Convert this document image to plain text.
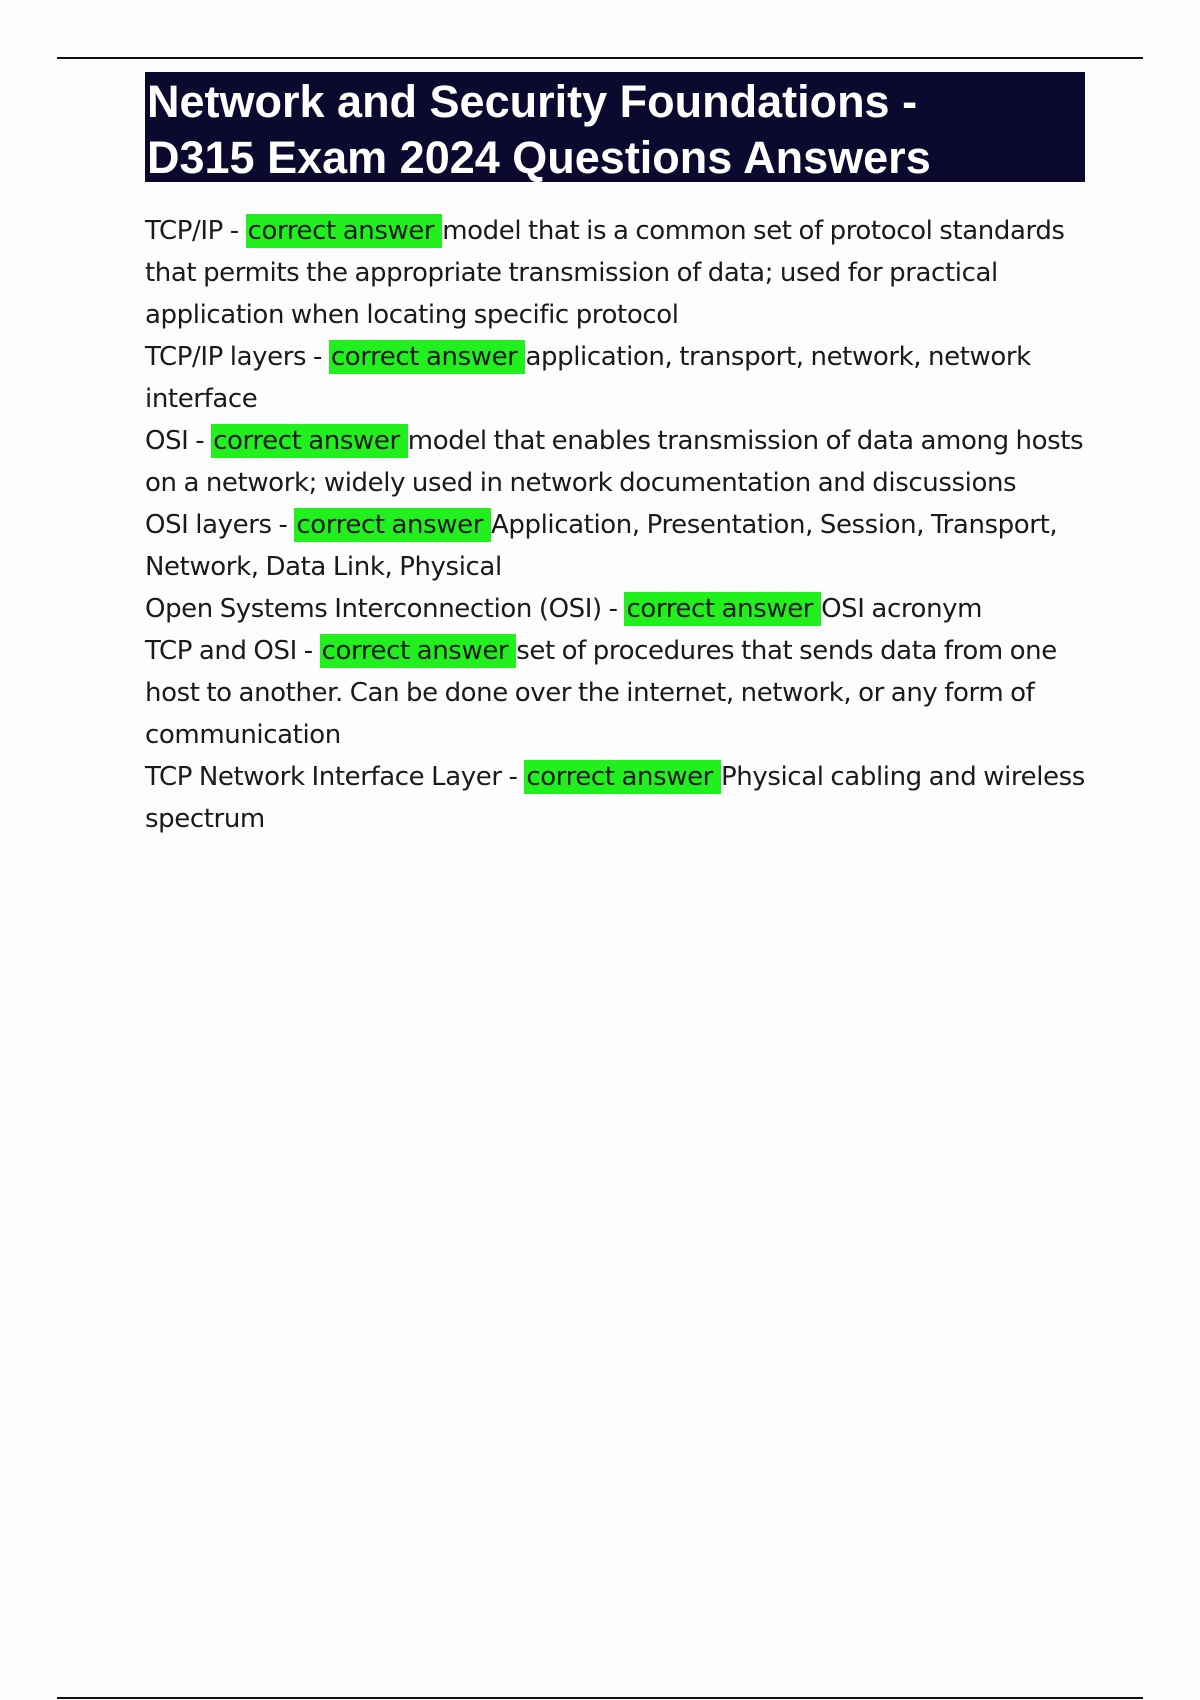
Network and Security Foundations -
D315 Exam 2024 Questions Answers

TCP/IP - correct answer model that is a common set of protocol standards that permits the appropriate transmission of data; used for practical application when locating specific protocol

TCP/IP layers - correct answer application, transport, network, network interface

OSI - correct answer model that enables transmission of data among hosts on a network; widely used in network documentation and discussions

OSI layers - correct answer Application, Presentation, Session, Transport, Network, Data Link, Physical

Open Systems Interconnection (OSI) - correct answer OSI acronym

TCP and OSI - correct answer set of procedures that sends data from one host to another. Can be done over the internet, network, or any form of communication

TCP Network Interface Layer - correct answer Physical cabling and wireless spectrum
